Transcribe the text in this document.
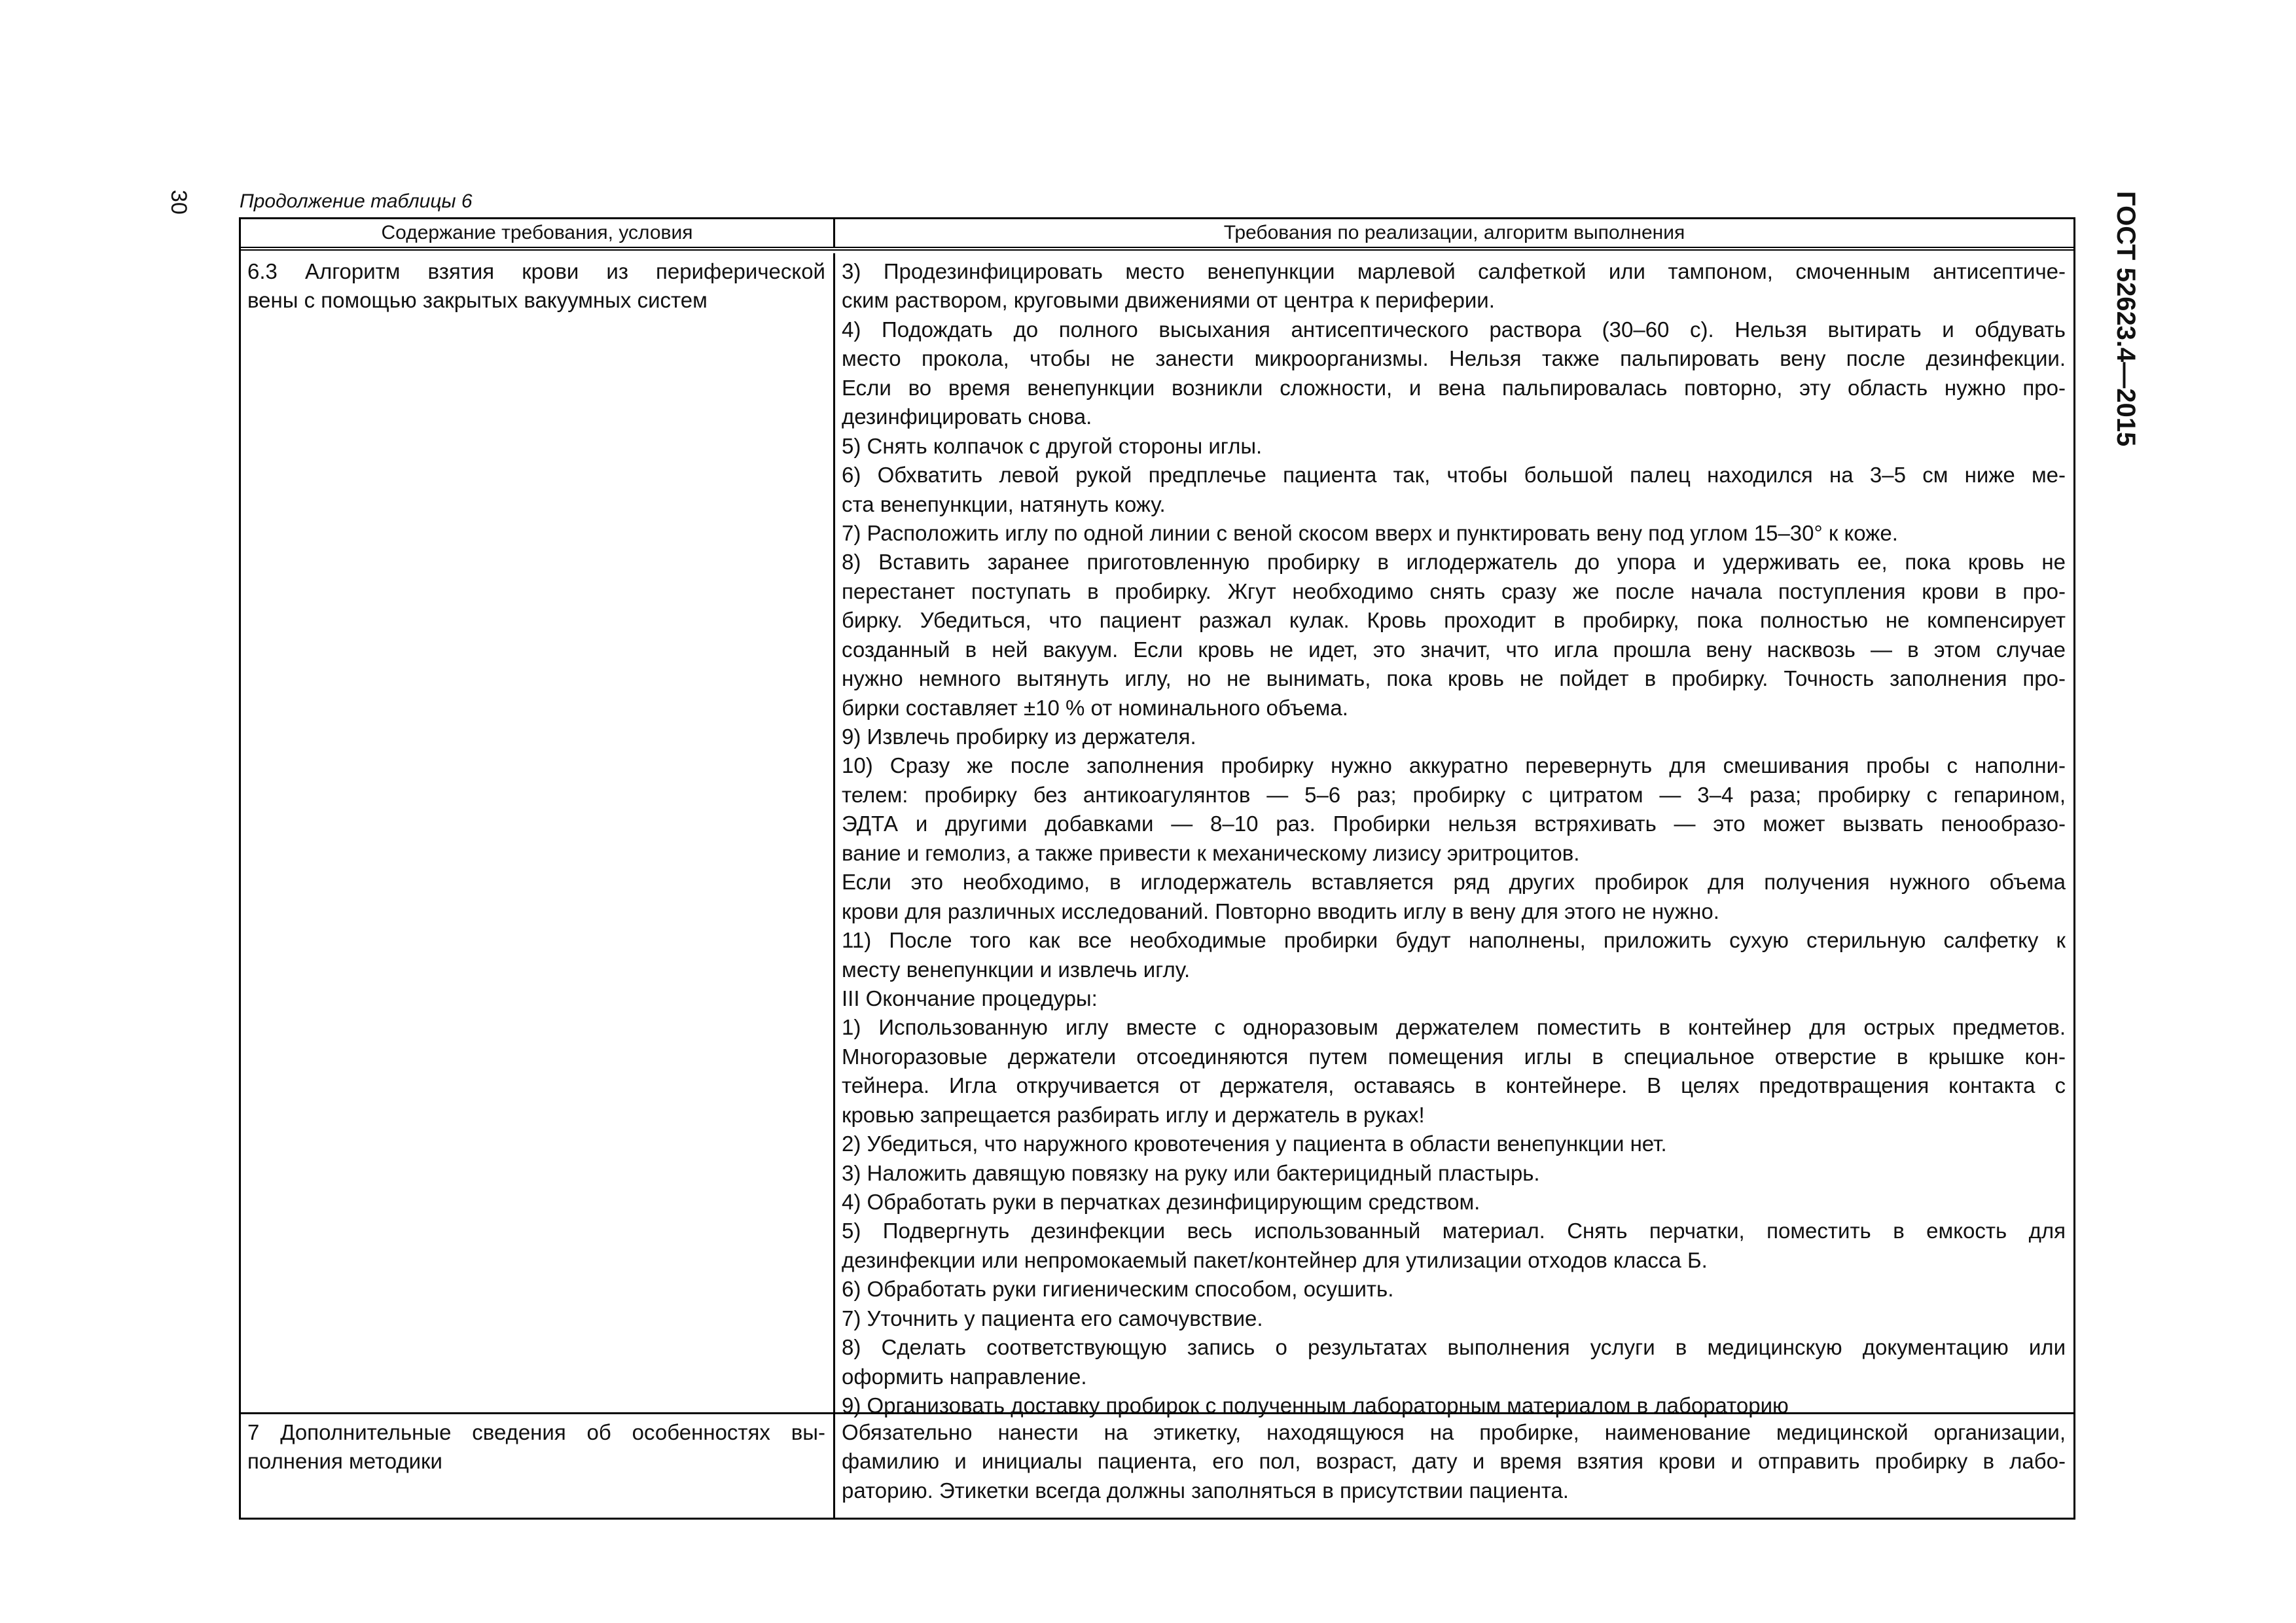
30	ГОСТ 52623.4—2015
Продолжение таблицы 6
Содержание требования, условия	Требования по реализации, алгоритм выполнения
6.3 Алгоритм взятия крови из периферической
вены с помощью закрытых вакуумных систем
3) Продезинфицировать место венепункции марлевой салфеткой или тампоном, смоченным антисептиче-
ским раствором, круговыми движениями от центра к периферии.
4) Подождать до полного высыхания антисептического раствора (30–60 с). Нельзя вытирать и обдувать
место прокола, чтобы не занести микроорганизмы. Нельзя также пальпировать вену после дезинфекции.
Если во время венепункции возникли сложности, и вена пальпировалась повторно, эту область нужно про-
дезинфицировать снова.
5) Снять колпачок с другой стороны иглы.
6) Обхватить левой рукой предплечье пациента так, чтобы большой палец находился на 3–5 см ниже ме-
ста венепункции, натянуть кожу.
7) Расположить иглу по одной линии с веной скосом вверх и пунктировать вену под углом 15–30° к коже.
8) Вставить заранее приготовленную пробирку в иглодержатель до упора и удерживать ее, пока кровь не
перестанет поступать в пробирку. Жгут необходимо снять сразу же после начала поступления крови в про-
бирку. Убедиться, что пациент разжал кулак. Кровь проходит в пробирку, пока полностью не компенсирует
созданный в ней вакуум. Если кровь не идет, это значит, что игла прошла вену насквозь — в этом случае
нужно немного вытянуть иглу, но не вынимать, пока кровь не пойдет в пробирку. Точность заполнения про-
бирки составляет ±10 % от номинального объема.
9) Извлечь пробирку из держателя.
10) Сразу же после заполнения пробирку нужно аккуратно перевернуть для смешивания пробы с наполни-
телем: пробирку без антикоагулянтов — 5–6 раз; пробирку с цитратом — 3–4 раза; пробирку с гепарином,
ЭДТА и другими добавками — 8–10 раз. Пробирки нельзя встряхивать — это может вызвать пенообразо-
вание и гемолиз, а также привести к механическому лизису эритроцитов.
Если это необходимо, в иглодержатель вставляется ряд других пробирок для получения нужного объема
крови для различных исследований. Повторно вводить иглу в вену для этого не нужно.
11) После того как все необходимые пробирки будут наполнены, приложить сухую стерильную салфетку к
месту венепункции и извлечь иглу.
III Окончание процедуры:
1) Использованную иглу вместе с одноразовым держателем поместить в контейнер для острых предметов.
Многоразовые держатели отсоединяются путем помещения иглы в специальное отверстие в крышке кон-
тейнера. Игла откручивается от держателя, оставаясь в контейнере. В целях предотвращения контакта с
кровью запрещается разбирать иглу и держатель в руках!
2) Убедиться, что наружного кровотечения у пациента в области венепункции нет.
3) Наложить давящую повязку на руку или бактерицидный пластырь.
4) Обработать руки в перчатках дезинфицирующим средством.
5) Подвергнуть дезинфекции весь использованный материал. Снять перчатки, поместить в емкость для
дезинфекции или непромокаемый пакет/контейнер для утилизации отходов класса Б.
6) Обработать руки гигиеническим способом, осушить.
7) Уточнить у пациента его самочувствие.
8) Сделать соответствующую запись о результатах выполнения услуги в медицинскую документацию или
оформить направление.
9) Организовать доставку пробирок с полученным лабораторным материалом в лабораторию
7 Дополнительные сведения об особенностях вы-
полнения методики
Обязательно нанести на этикетку, находящуюся на пробирке, наименование медицинской организации,
фамилию и инициалы пациента, его пол, возраст, дату и время взятия крови и отправить пробирку в лабо-
раторию. Этикетки всегда должны заполняться в присутствии пациента.
